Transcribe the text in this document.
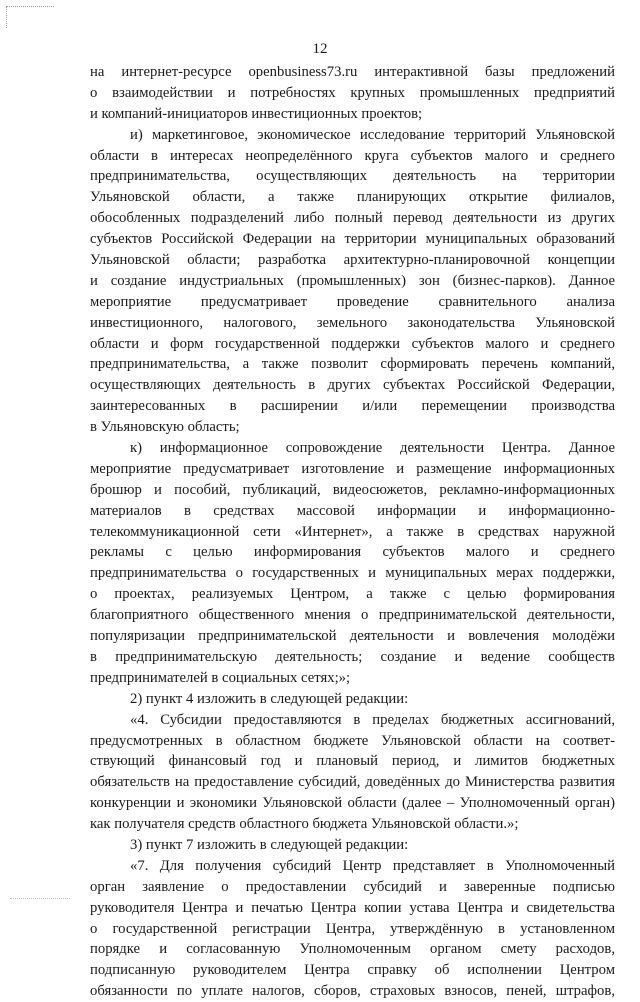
12
на интернет-ресурсе openbusiness73.ru интерактивной базы предложений
о взаимодействии и потребностях крупных промышленных предприятий
и компаний-инициаторов инвестиционных проектов;
и) маркетинговое, экономическое исследование территорий Ульяновской
области в интересах неопределённого круга субъектов малого и среднего
предпринимательства, осуществляющих деятельность на территории
Ульяновской области, а также планирующих открытие филиалов,
обособленных подразделений либо полный перевод деятельности из других
субъектов Российской Федерации на территории муниципальных образований
Ульяновской области; разработка архитектурно-планировочной концепции
и создание индустриальных (промышленных) зон (бизнес-парков). Данное
мероприятие предусматривает проведение сравнительного анализа
инвестиционного, налогового, земельного законодательства Ульяновской
области и форм государственной поддержки субъектов малого и среднего
предпринимательства, а также позволит сформировать перечень компаний,
осуществляющих деятельность в других субъектах Российской Федерации,
заинтересованных в расширении и/или перемещении производства
в Ульяновскую область;
к) информационное сопровождение деятельности Центра. Данное
мероприятие предусматривает изготовление и размещение информационных
брошюр и пособий, публикаций, видеосюжетов, рекламно-информационных
материалов в средствах массовой информации и информационно-
телекоммуникационной сети «Интернет», а также в средствах наружной
рекламы с целью информирования субъектов малого и среднего
предпринимательства о государственных и муниципальных мерах поддержки,
о проектах, реализуемых Центром, а также с целью формирования
благоприятного общественного мнения о предпринимательской деятельности,
популяризации предпринимательской деятельности и вовлечения молодёжи
в предпринимательскую деятельность; создание и ведение сообществ
предпринимателей в социальных сетях;»;
2) пункт 4 изложить в следующей редакции:
«4. Субсидии предоставляются в пределах бюджетных ассигнований,
предусмотренных в областном бюджете Ульяновской области на соответ-
ствующий финансовый год и плановый период, и лимитов бюджетных
обязательств на предоставление субсидий, доведённых до Министерства развития
конкуренции и экономики Ульяновской области (далее – Уполномоченный орган)
как получателя средств областного бюджета Ульяновской области.»;
3) пункт 7 изложить в следующей редакции:
«7. Для получения субсидий Центр представляет в Уполномоченный
орган заявление о предоставлении субсидий и заверенные подписью
руководителя Центра и печатью Центра копии устава Центра и свидетельства
о государственной регистрации Центра, утверждённую в установленном
порядке и согласованную Уполномоченным органом смету расходов,
подписанную руководителем Центра справку об исполнении Центром
обязанности по уплате налогов, сборов, страховых взносов, пеней, штрафов,
